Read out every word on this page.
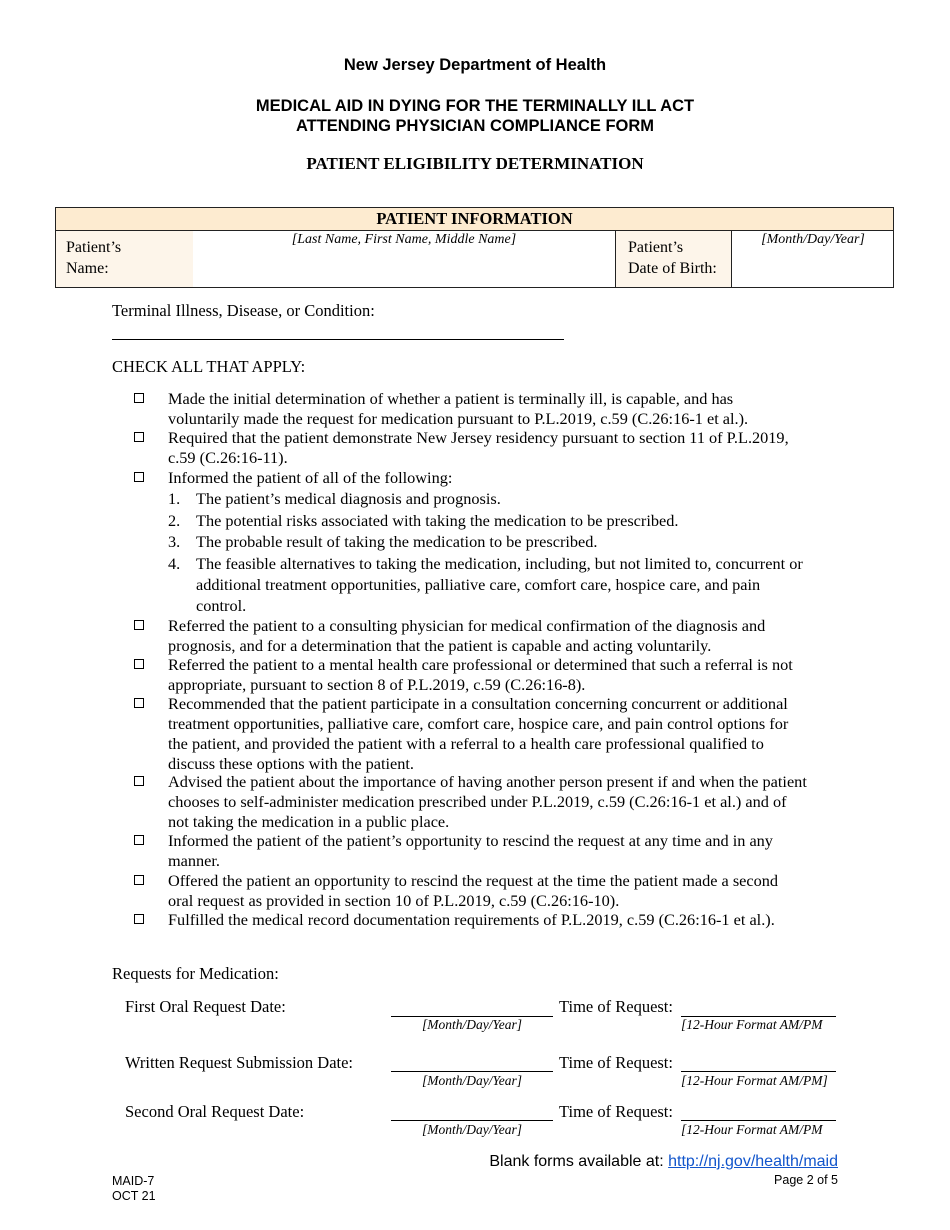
New Jersey Department of Health
MEDICAL AID IN DYING FOR THE TERMINALLY ILL ACT
ATTENDING PHYSICIAN COMPLIANCE FORM
PATIENT ELIGIBILITY DETERMINATION
PATIENT INFORMATION
Patient’s
Name:
[Last Name, First Name, Middle Name]	Patient’s
Date of Birth:
[Month/Day/Year]
Terminal Illness, Disease, or Condition:
CHECK ALL THAT APPLY:
Made the initial determination of whether a patient is terminally ill, is capable, and has
voluntarily made the request for medication pursuant to P.L.2019, c.59 (C.26:16-1 et al.).
Required that the patient demonstrate New Jersey residency pursuant to section 11 of P.L.2019,
c.59 (C.26:16-11).
Informed the patient of all of the following:
1. The patient’s medical diagnosis and prognosis.
2. The potential risks associated with taking the medication to be prescribed.
3. The probable result of taking the medication to be prescribed.
4. The feasible alternatives to taking the medication, including, but not limited to, concurrent or
additional treatment opportunities, palliative care, comfort care, hospice care, and pain
control.
Referred the patient to a consulting physician for medical confirmation of the diagnosis and
prognosis, and for a determination that the patient is capable and acting voluntarily.
Referred the patient to a mental health care professional or determined that such a referral is not
appropriate, pursuant to section 8 of P.L.2019, c.59 (C.26:16-8).
Recommended that the patient participate in a consultation concerning concurrent or additional
treatment opportunities, palliative care, comfort care, hospice care, and pain control options for
the patient, and provided the patient with a referral to a health care professional qualified to
discuss these options with the patient.
Advised the patient about the importance of having another person present if and when the patient
chooses to self-administer medication prescribed under P.L.2019, c.59 (C.26:16-1 et al.) and of
not taking the medication in a public place.
Informed the patient of the patient’s opportunity to rescind the request at any time and in any
manner.
Offered the patient an opportunity to rescind the request at the time the patient made a second
oral request as provided in section 10 of P.L.2019, c.59 (C.26:16-10).
Fulfilled the medical record documentation requirements of P.L.2019, c.59 (C.26:16-1 et al.).
Requests for Medication:
First Oral Request Date:
[Month/Day/Year]
Time of Request:
[12-Hour Format AM/PM
Written Request Submission Date:
[Month/Day/Year]
Time of Request:
[12-Hour Format AM/PM]
Second Oral Request Date:
[Month/Day/Year]
Time of Request:
[12-Hour Format AM/PM
Blank forms available at: http://nj.gov/health/maid
MAID-7
OCT 21
Page 2 of 5
